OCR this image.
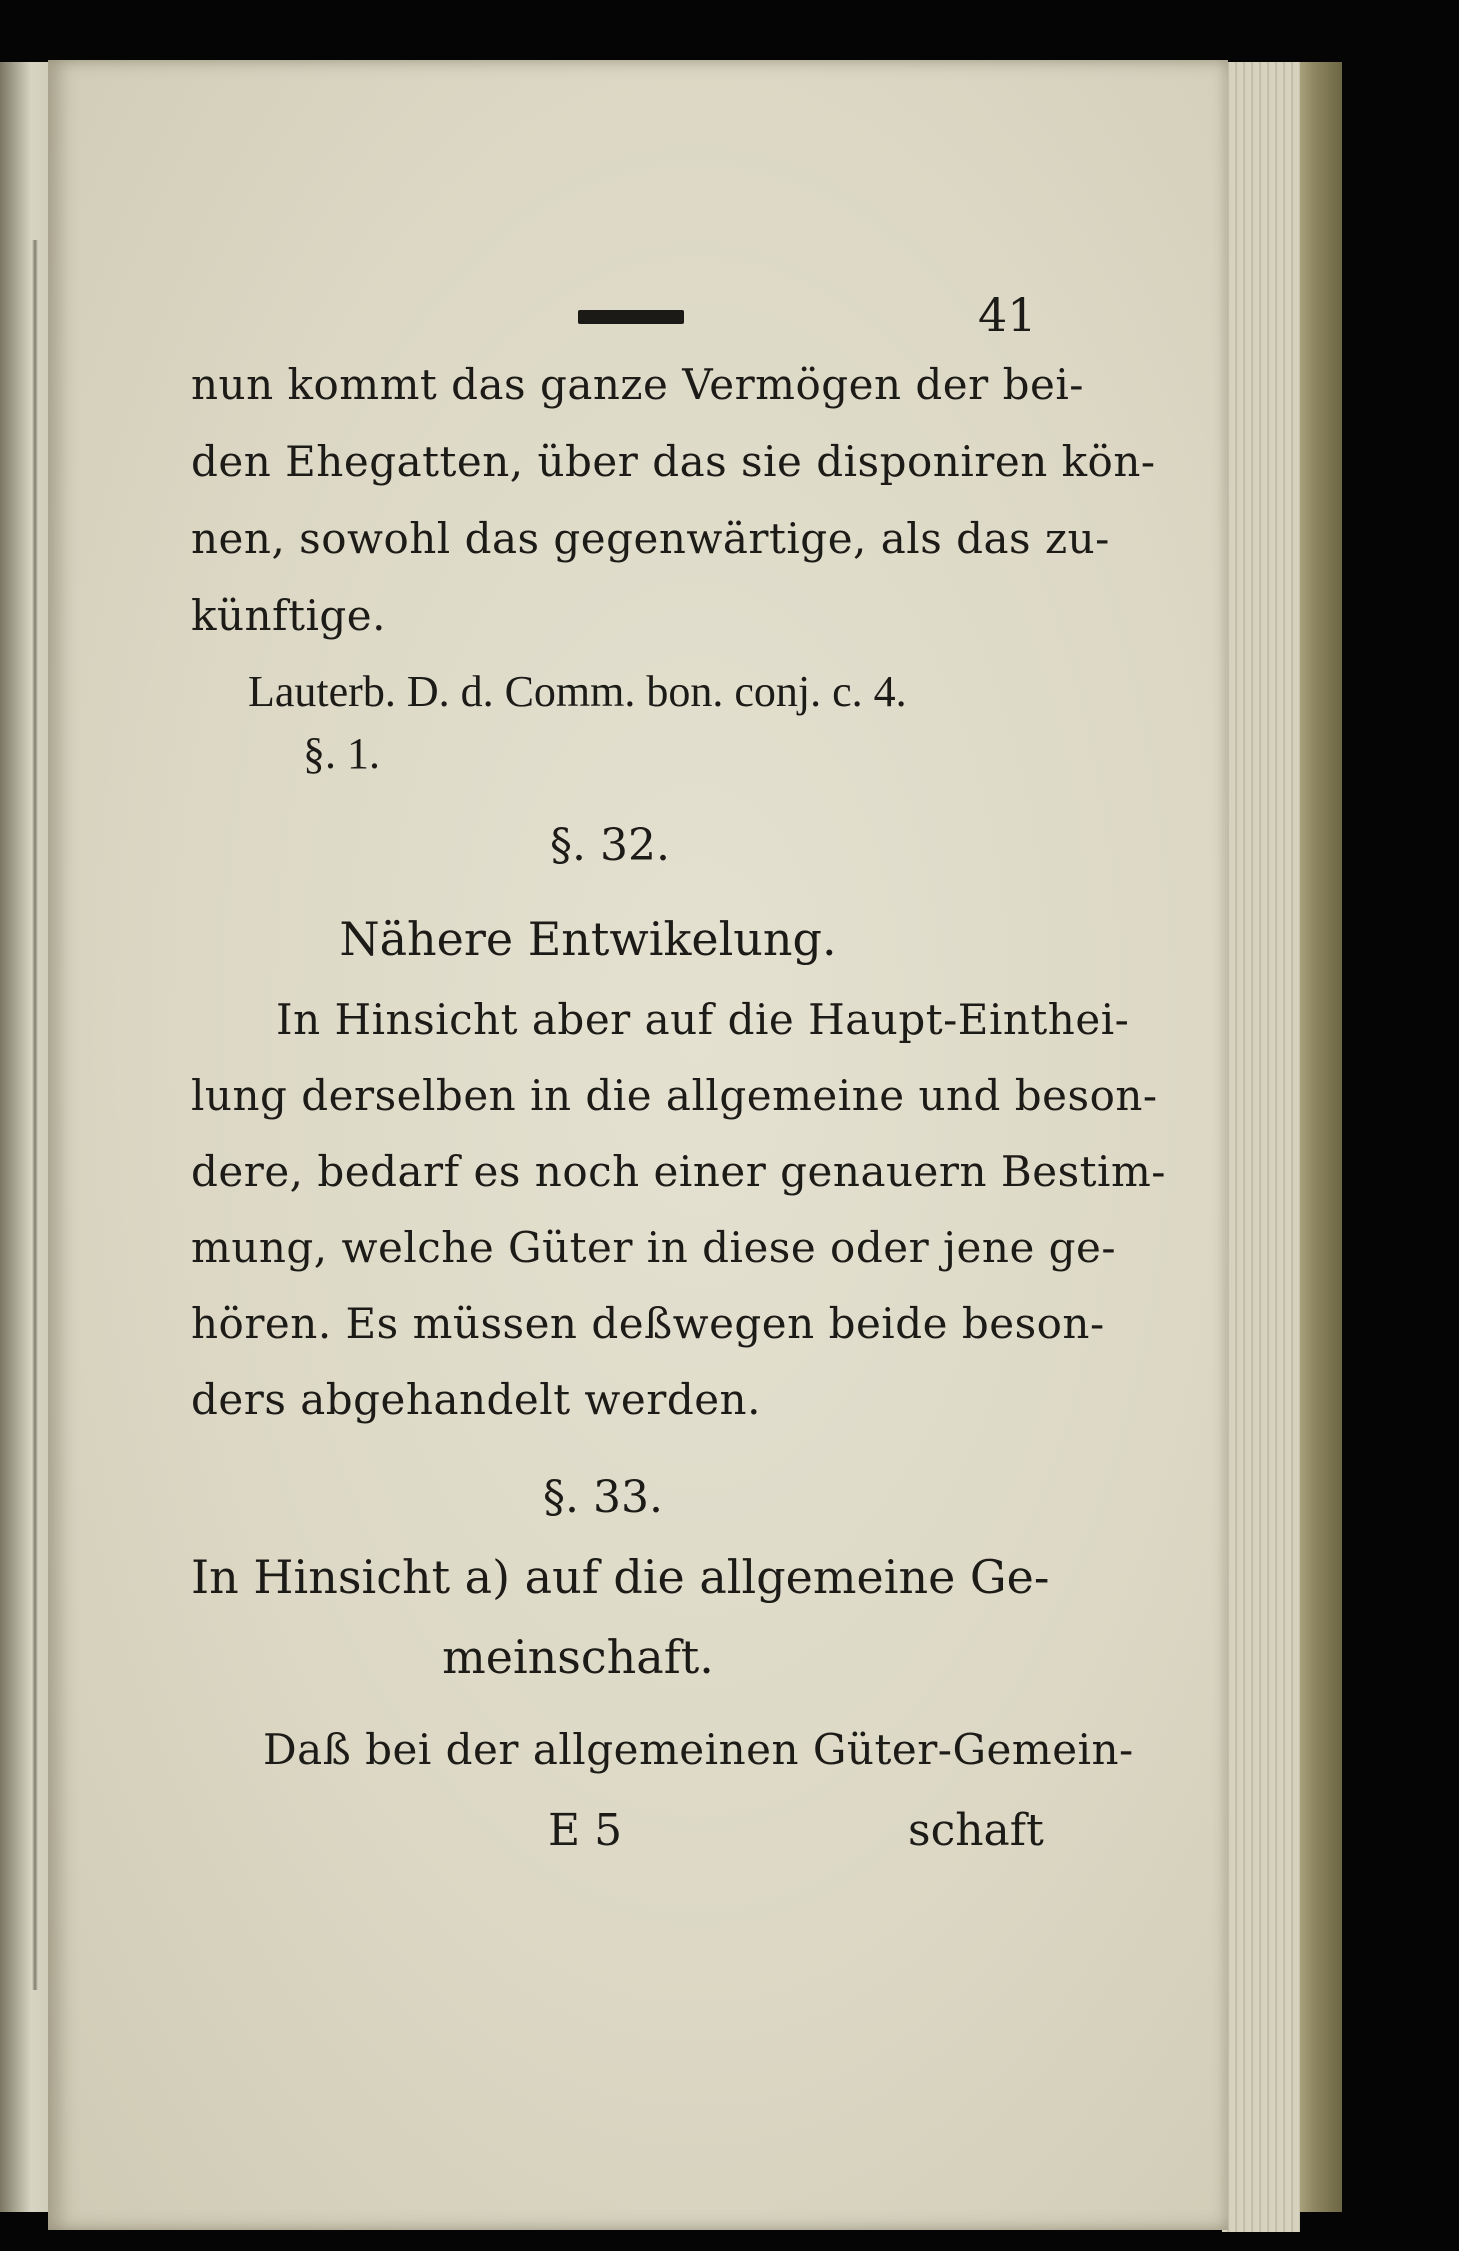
41
nun kommt das ganze Vermögen der bei-
den Ehegatten, über das sie disponiren kön-
nen, sowohl das gegenwärtige, als das zu-
künftige.
Lauterb. D. d. Comm. bon. conj. c. 4.
§. 1.
§. 32.
Nähere Entwikelung.
In Hinsicht aber auf die Haupt-Einthei-
lung derselben in die allgemeine und beson-
dere, bedarf es noch einer genauern Bestim-
mung, welche Güter in diese oder jene ge-
hören. Es müssen deßwegen beide beson-
ders abgehandelt werden.
§. 33.
In Hinsicht a) auf die allgemeine Ge-
meinschaft.
Daß bei der allgemeinen Güter-Gemein-
E 5	schaft
